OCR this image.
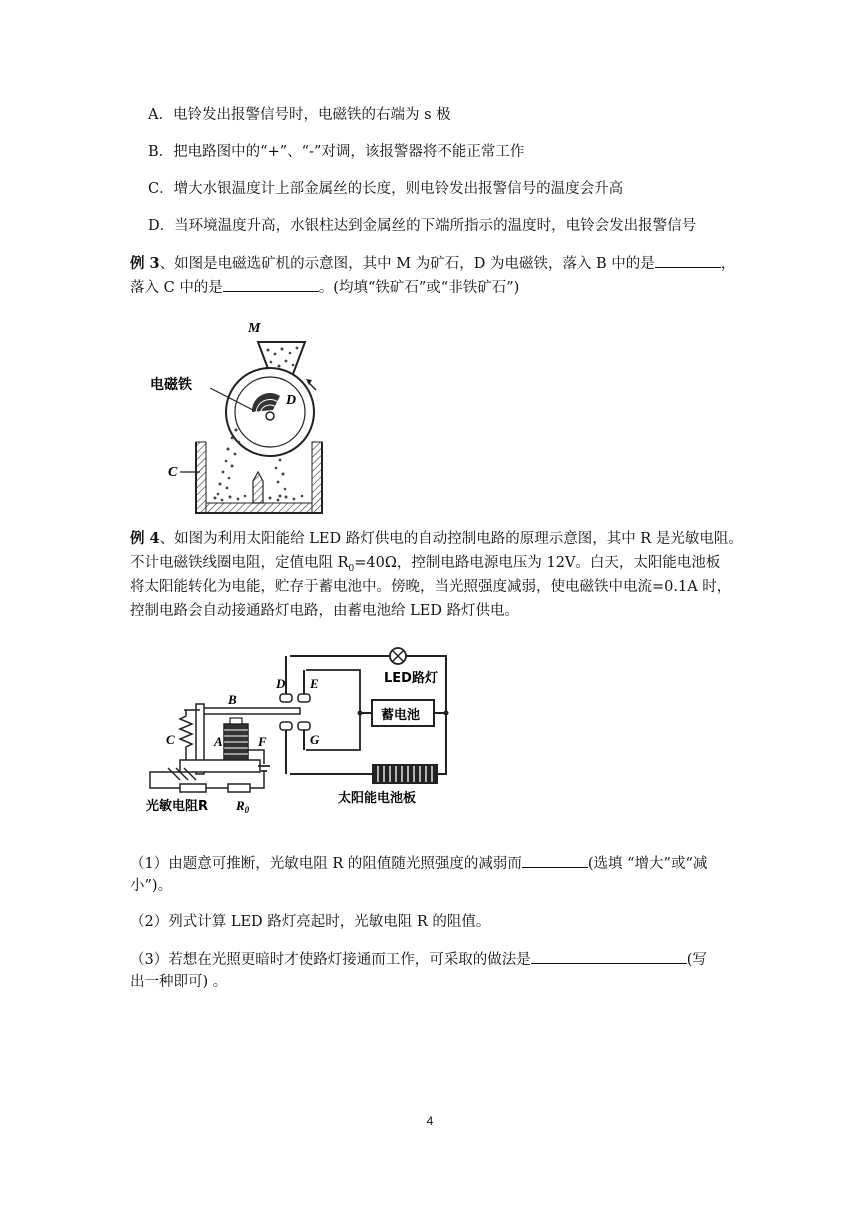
A．电铃发出报警信号时，电磁铁的右端为 s 极
B．把电路图中的“+”、“-”对调，该报警器将不能正常工作
C．增大水银温度计上部金属丝的长度，则电铃发出报警信号的温度会升高
D．当环境温度升高，水银柱达到金属丝的下端所指示的温度时，电铃会发出报警信号
例 3、如图是电磁选矿机的示意图，其中 M 为矿石，D 为电磁铁，落入 B 中的是	，
落入 C 中的是	。(均填“铁矿石”或“非铁矿石”)
M
D
电磁铁
C
例 4、如图为利用太阳能给 LED 路灯供电的自动控制电路的原理示意图，其中 R 是光敏电阻。
不计电磁铁线圈电阻，定值电阻 $R_0=40\Omega$，控制电路电源电压为 12V。白天，太阳能电池板
将太阳能转化为电能，贮存于蓄电池中。傍晚，当光照强度减弱，使电磁铁中电流=0.1A 时，
控制电路会自动接通路灯电路，由蓄电池给 LED 路灯供电。
LED路灯
蓄电池
太阳能电池板
D E
G
B
C	A	F
$R_0$
光敏电阻R
（1）由题意可推断，光敏电阻 R 的阻值随光照强度的减弱而	(选填 “增大”或“减
小”)。
（2）列式计算 LED 路灯亮起时，光敏电阻 R 的阻值。
（3）若想在光照更暗时才使路灯接通而工作，可采取的做法是	(写
出一种即可) 。
4
